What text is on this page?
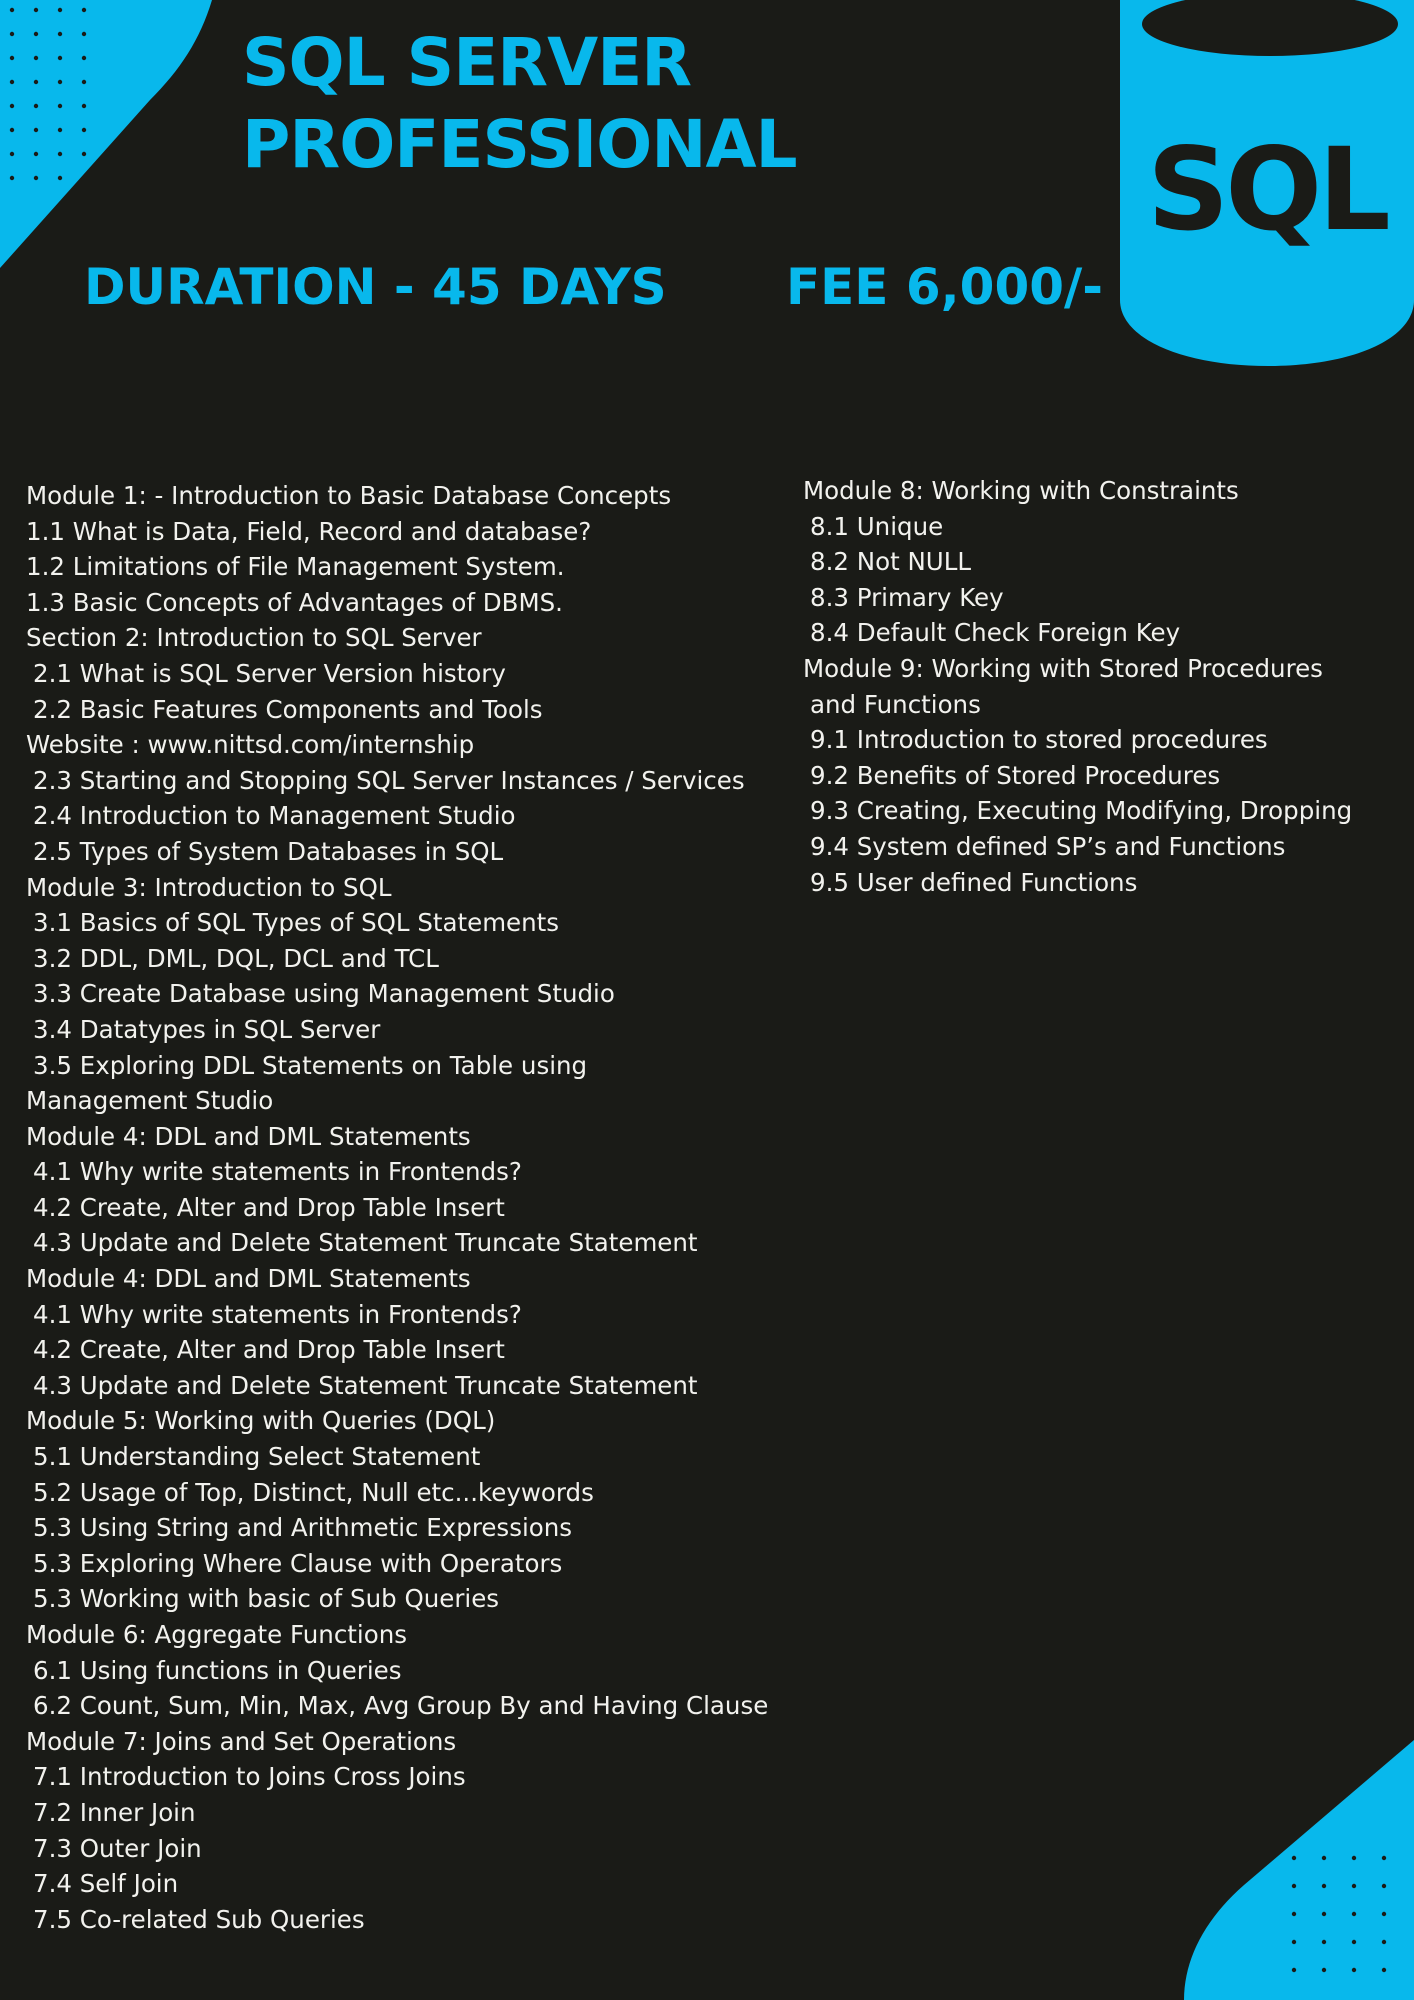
SQL SERVER
PROFESSIONAL	SQL
DURATION - 45 DAYS FEE 6,000/-
Module 1: - Introduction to Basic Database Concepts
1.1 What is Data, Field, Record and database?
1.2 Limitations of File Management System.
1.3 Basic Concepts of Advantages of DBMS.
Section 2: Introduction to SQL Server
2.1 What is SQL Server Version history
2.2 Basic Features Components and Tools
Website : www.nittsd.com/internship
2.3 Starting and Stopping SQL Server Instances / Services
2.4 Introduction to Management Studio
2.5 Types of System Databases in SQL
Module 3: Introduction to SQL
3.1 Basics of SQL Types of SQL Statements
3.2 DDL, DML, DQL, DCL and TCL
3.3 Create Database using Management Studio
3.4 Datatypes in SQL Server
3.5 Exploring DDL Statements on Table using
Management Studio
Module 4: DDL and DML Statements
4.1 Why write statements in Frontends?
4.2 Create, Alter and Drop Table Insert
4.3 Update and Delete Statement Truncate Statement
Module 4: DDL and DML Statements
4.1 Why write statements in Frontends?
4.2 Create, Alter and Drop Table Insert
4.3 Update and Delete Statement Truncate Statement
Module 5: Working with Queries (DQL)
5.1 Understanding Select Statement
5.2 Usage of Top, Distinct, Null etc...keywords
5.3 Using String and Arithmetic Expressions
5.3 Exploring Where Clause with Operators
5.3 Working with basic of Sub Queries
Module 6: Aggregate Functions
6.1 Using functions in Queries
6.2 Count, Sum, Min, Max, Avg Group By and Having Clause
Module 7: Joins and Set Operations
7.1 Introduction to Joins Cross Joins
7.2 Inner Join
7.3 Outer Join
7.4 Self Join
7.5 Co-related Sub Queries
Module 8: Working with Constraints
8.1 Unique
8.2 Not NULL
8.3 Primary Key
8.4 Default Check Foreign Key
Module 9: Working with Stored Procedures
and Functions
9.1 Introduction to stored procedures
9.2 Benefits of Stored Procedures
9.3 Creating, Executing Modifying, Dropping
9.4 System defined SP’s and Functions
9.5 User defined Functions
